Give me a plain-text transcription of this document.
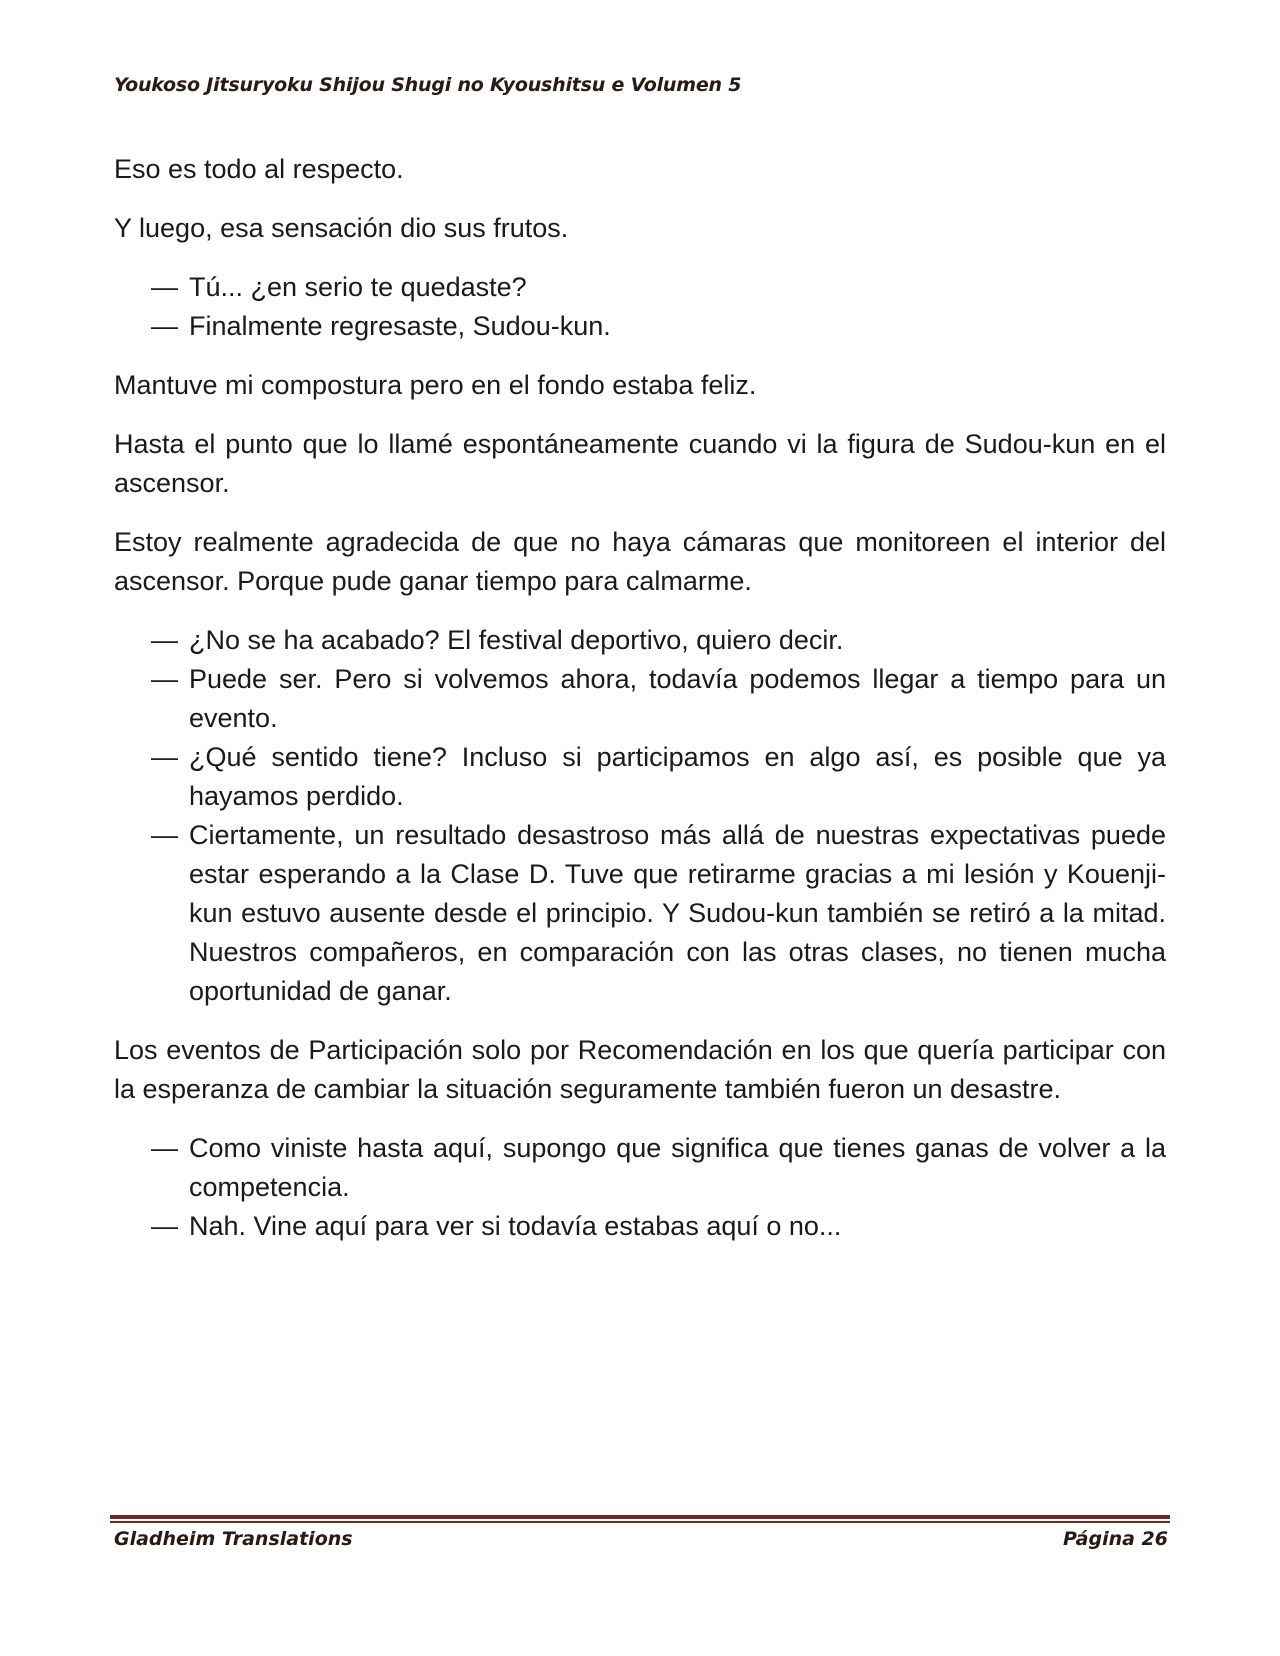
Youkoso Jitsuryoku Shijou Shugi no Kyoushitsu e Volumen 5

Eso es todo al respecto.

Y luego, esa sensación dio sus frutos.

— Tú... ¿en serio te quedaste?
— Finalmente regresaste, Sudou-kun.

Mantuve mi compostura pero en el fondo estaba feliz.

Hasta el punto que lo llamé espontáneamente cuando vi la figura de Sudou-kun en el ascensor.

Estoy realmente agradecida de que no haya cámaras que monitoreen el interior del ascensor. Porque pude ganar tiempo para calmarme.

— ¿No se ha acabado? El festival deportivo, quiero decir.
— Puede ser. Pero si volvemos ahora, todavía podemos llegar a tiempo para un evento.
— ¿Qué sentido tiene? Incluso si participamos en algo así, es posible que ya hayamos perdido.
— Ciertamente, un resultado desastroso más allá de nuestras expectativas puede estar esperando a la Clase D. Tuve que retirarme gracias a mi lesión y Kouenji-kun estuvo ausente desde el principio. Y Sudou-kun también se retiró a la mitad. Nuestros compañeros, en comparación con las otras clases, no tienen mucha oportunidad de ganar.

Los eventos de Participación solo por Recomendación en los que quería participar con la esperanza de cambiar la situación seguramente también fueron un desastre.

— Como viniste hasta aquí, supongo que significa que tienes ganas de volver a la competencia.
— Nah. Vine aquí para ver si todavía estabas aquí o no...
Gladheim Translations	Página 26
